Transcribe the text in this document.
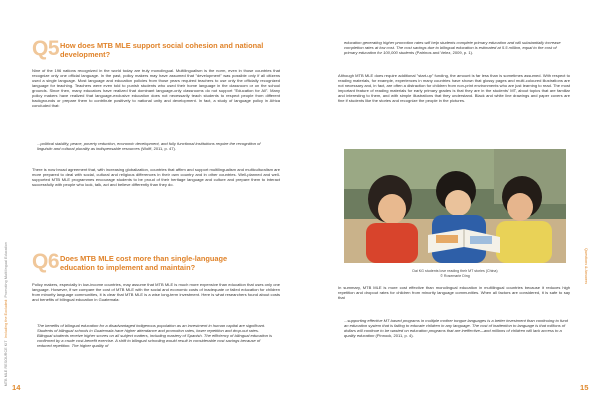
MTB MLE RESOURCE KIT  Including the Excluded: Promoting Multilingual Education
Q5 How does MTB MLE support social cohesion and national development?

Nine of the 196 nations recognized in the world today are truly monolingual. Multilingualism is the norm, even in those countries that recognize only one official language. In the past, policy makers may have assumed that "development" was possible only if all citizens used a single language. Most language and education policies from those years required teachers to use only the officially recognized language for teaching. Teachers were even told to punish students who used their home language in the classroom or on the school grounds. Since then, many educators have realized that dominant language-only classrooms do not support "Education for All". Many policy makers have realized that language-exclusive education does not necessarily teach students to respect people from different backgrounds or prepare them to contribute positively to national unity and development. In fact, a study of language policy in Africa concluded that:

...political stability, peace, poverty reduction, economic development, and fully functional institutions require the recognition of linguistic and cultural plurality as indispensable resources (Wolff, 2011, p. 47).

There is now broad agreement that, with increasing globalization, countries that affirm and support multilingualism and multiculturalism are more prepared to deal with social, cultural and religious differences in their own country and in other countries. Well-planned and well-supported MTB MLE programmes encourage students to be proud of their heritage language and culture and prepare them to interact successfully with people who look, talk, act and believe differently than they do.

Q6 Does MTB MLE cost more than single-language education to implement and maintain?

Policy makers, especially in low-income countries, may assume that MTB MLE is much more expensive than education that uses only one language. However, if we compare the cost of MTB MLE with the social and economic costs of inadequate or failed education for children from minority language communities, it is clear that MTB MLE is a wise long-term investment. Here is what researchers found about costs and benefits of bilingual education in Guatemala:

The benefits of bilingual education for a disadvantaged indigenous population as an investment in human capital are significant. Students of bilingual schools in Guatemala have higher attendance and promotion rates, lower repetition and drop-out rates. Bilingual students receive higher scores on all subject matters, including mastery of Spanish. The efficiency of bilingual education is confirmed by a crude cost-benefit exercise. A shift to bilingual schooling would result in considerable cost savings because of reduced repetition. The higher quality of
14	15
Questions & Answers
education generating higher promotion rates will help students complete primary education and will substantially increase completion rates at low cost. The cost savings due to bilingual education is estimated at 5.5 million, equal to the cost of primary education for 100,000 students (Patrinos and Velez, 2009, p. 1).

Although MTB MLE does require additional "start-up" funding, the amount is far less than is sometimes assumed. With respect to reading materials, for example, experiences in many countries have shown that glossy pages and multi-coloured illustrations are not necessary and, in fact, are often a distraction for children from non-print environments who are just learning to read. The most important feature of reading materials for early primary grades is that they are in the students' MT, about topics that are familiar and interesting to them, and with simple illustrations that they understand. Black and white line drawings and paper covers are fine if students like the stories and recognize the people in the pictures.

Dai KG students love reading their MT stories (China)
© Rosemarie Ding

In summary, MTB MLE is more cost effective than monolingual education in multilingual countries because it reduces high repetition and dropout rates for children from minority language communities. When all factors are considered, it is safe to say that

...supporting effective MT based programs in multiple mother tongue languages is a better investment than continuing to fund an education system that is failing to educate children in any language. The cost of inattention to language is that millions of dollars will continue to be wasted on education programs that are ineffective—and millions of children will lack access to a quality education (Pinnock, 2011, p. 4).
